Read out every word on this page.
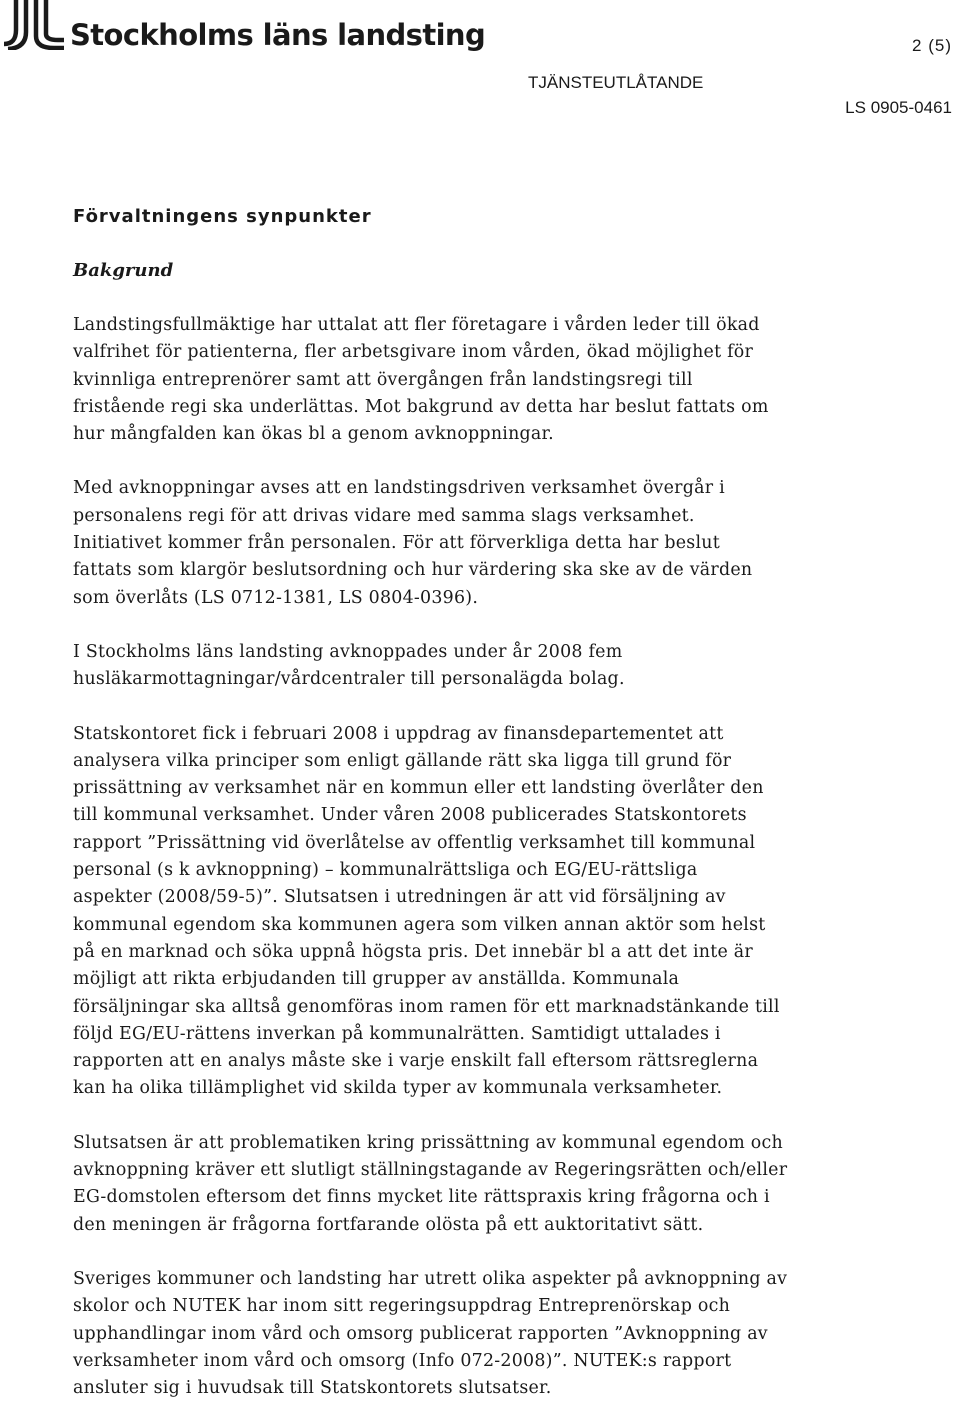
Stockholms läns landsting	2 (5)
TJÄNSTEUTLÅTANDE
LS 0905-0461
Förvaltningens synpunkter
Bakgrund
Landstingsfullmäktige har uttalat att fler företagare i vården leder till ökad
valfrihet för patienterna, fler arbetsgivare inom vården, ökad möjlighet för
kvinnliga entreprenörer samt att övergången från landstingsregi till
fristående regi ska underlättas. Mot bakgrund av detta har beslut fattats om
hur mångfalden kan ökas bl a genom avknoppningar.
Med avknoppningar avses att en landstingsdriven verksamhet övergår i
personalens regi för att drivas vidare med samma slags verksamhet.
Initiativet kommer från personalen. För att förverkliga detta har beslut
fattats som klargör beslutsordning och hur värdering ska ske av de värden
som överlåts (LS 0712-1381, LS 0804-0396).
I Stockholms läns landsting avknoppades under år 2008 fem
husläkarmottagningar/vårdcentraler till personalägda bolag.
Statskontoret fick i februari 2008 i uppdrag av finansdepartementet att
analysera vilka principer som enligt gällande rätt ska ligga till grund för
prissättning av verksamhet när en kommun eller ett landsting överlåter den
till kommunal verksamhet. Under våren 2008 publicerades Statskontorets
rapport ”Prissättning vid överlåtelse av offentlig verksamhet till kommunal
personal (s k avknoppning) – kommunalrättsliga och EG/EU-rättsliga
aspekter (2008/59-5)”. Slutsatsen i utredningen är att vid försäljning av
kommunal egendom ska kommunen agera som vilken annan aktör som helst
på en marknad och söka uppnå högsta pris. Det innebär bl a att det inte är
möjligt att rikta erbjudanden till grupper av anställda. Kommunala
försäljningar ska alltså genomföras inom ramen för ett marknadstänkande till
följd EG/EU-rättens inverkan på kommunalrätten. Samtidigt uttalades i
rapporten att en analys måste ske i varje enskilt fall eftersom rättsreglerna
kan ha olika tillämplighet vid skilda typer av kommunala verksamheter.
Slutsatsen är att problematiken kring prissättning av kommunal egendom och
avknoppning kräver ett slutligt ställningstagande av Regeringsrätten och/eller
EG-domstolen eftersom det finns mycket lite rättspraxis kring frågorna och i
den meningen är frågorna fortfarande olösta på ett auktoritativt sätt.
Sveriges kommuner och landsting har utrett olika aspekter på avknoppning av
skolor och NUTEK har inom sitt regeringsuppdrag Entreprenörskap och
upphandlingar inom vård och omsorg publicerat rapporten ”Avknoppning av
verksamheter inom vård och omsorg (Info 072-2008)”. NUTEK:s rapport
ansluter sig i huvudsak till Statskontorets slutsatser.
